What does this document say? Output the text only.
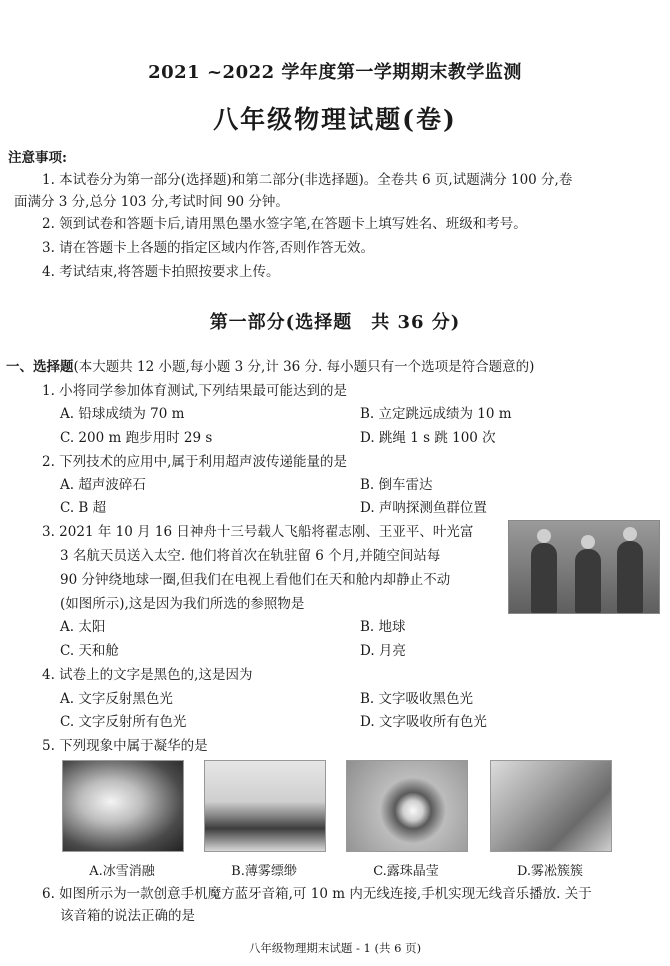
2021 ~2022 学年度第一学期期末教学监测
八年级物理试题(卷)
注意事项:
1. 本试卷分为第一部分(选择题)和第二部分(非选择题)。全卷共 6 页,试题满分 100 分,卷
面满分 3 分,总分 103 分,考试时间 90 分钟。
2. 领到试卷和答题卡后,请用黑色墨水签字笔,在答题卡上填写姓名、班级和考号。
3. 请在答题卡上各题的指定区域内作答,否则作答无效。
4. 考试结束,将答题卡拍照按要求上传。
第一部分(选择题　共 36 分)
一、选择题(本大题共 12 小题,每小题 3 分,计 36 分. 每小题只有一个选项是符合题意的)
1. 小将同学参加体育测试,下列结果最可能达到的是
A. 铅球成绩为 70 m	B. 立定跳远成绩为 10 m
C. 200 m 跑步用时 29 s	D. 跳绳 1 s 跳 100 次
2. 下列技术的应用中,属于利用超声波传递能量的是
A. 超声波碎石	B. 倒车雷达
C. B 超	D. 声呐探测鱼群位置
3. 2021 年 10 月 16 日神舟十三号载人飞船将翟志刚、王亚平、叶光富
3 名航天员送入太空. 他们将首次在轨驻留 6 个月,并随空间站每
90 分钟绕地球一圈,但我们在电视上看他们在天和舱内却静止不动
(如图所示),这是因为我们所选的参照物是
A. 太阳	B. 地球
C. 天和舱	D. 月亮
4. 试卷上的文字是黑色的,这是因为
A. 文字反射黑色光	B. 文字吸收黑色光
C. 文字反射所有色光	D. 文字吸收所有色光
5. 下列现象中属于凝华的是
A.冰雪消融	B.薄雾缥缈	C.露珠晶莹	D.雾凇簇簇
6. 如图所示为一款创意手机魔方蓝牙音箱,可 10 m 内无线连接,手机实现无线音乐播放. 关于
该音箱的说法正确的是
八年级物理期末试题 - 1 (共 6 页)
